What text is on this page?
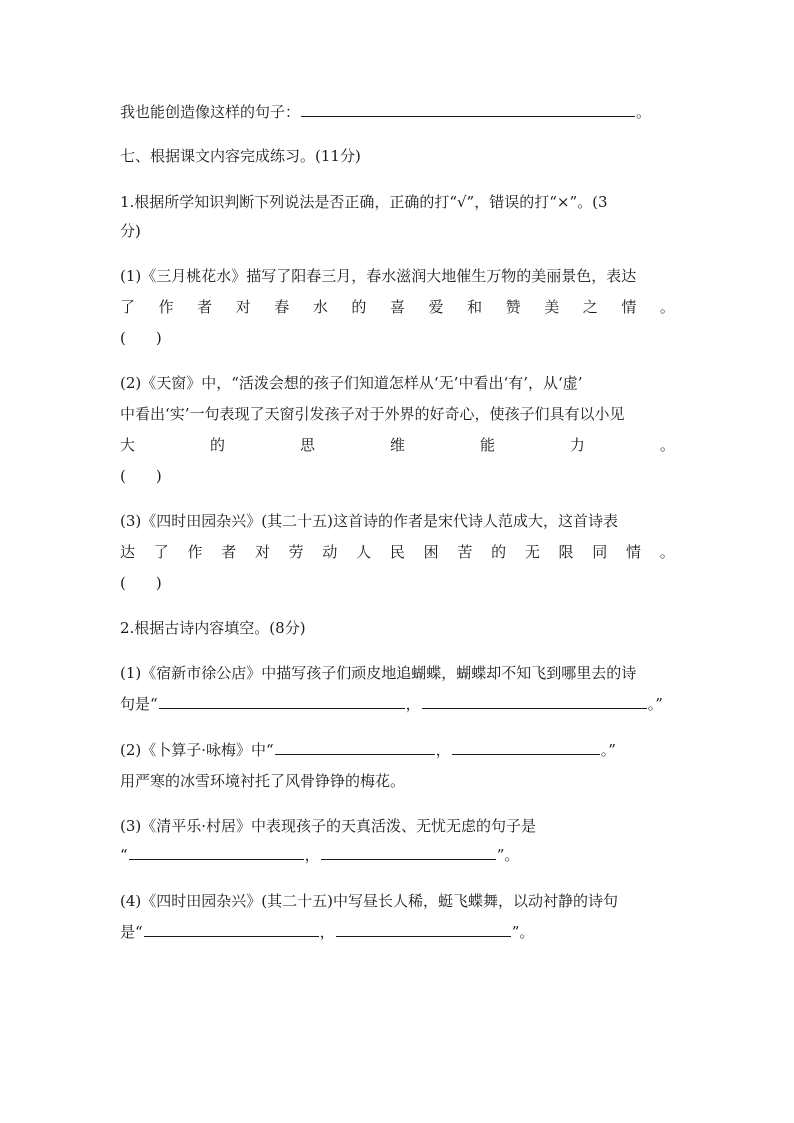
我也能创造像这样的句子：	。
七、根据课文内容完成练习。(11分)
1.根据所学知识判断下列说法是否正确，正确的打“√”，错误的打“×”。(3
分)
(1)《三月桃花水》描写了阳春三月，春水滋润大地催生万物的美丽景色，表达
了 作 者 对 春 水 的 喜 爱 和 赞 美 之 情 。
(　　)
(2)《天窗》中，“活泼会想的孩子们知道怎样从‘无’中看出‘有’，从‘虚’
中看出‘实’一句表现了天窗引发孩子对于外界的好奇心，使孩子们具有以小见
大	的	思	维	能	力	。
(　　)
(3)《四时田园杂兴》(其二十五)这首诗的作者是宋代诗人范成大，这首诗表
达 了 作 者 对 劳 动 人 民 困 苦 的 无 限 同 情 。
(　　)
2.根据古诗内容填空。(8分)
(1)《宿新市徐公店》中描写孩子们顽皮地追蝴蝶，蝴蝶却不知飞到哪里去的诗
句是“	，	。”
(2)《卜算子·咏梅》中“	，	。”
用严寒的冰雪环境衬托了风骨铮铮的梅花。
(3)《清平乐·村居》中表现孩子的天真活泼、无忧无虑的句子是
“	，	”。
(4)《四时田园杂兴》(其二十五)中写昼长人稀，蜓飞蝶舞，以动衬静的诗句
是“	，	”。
